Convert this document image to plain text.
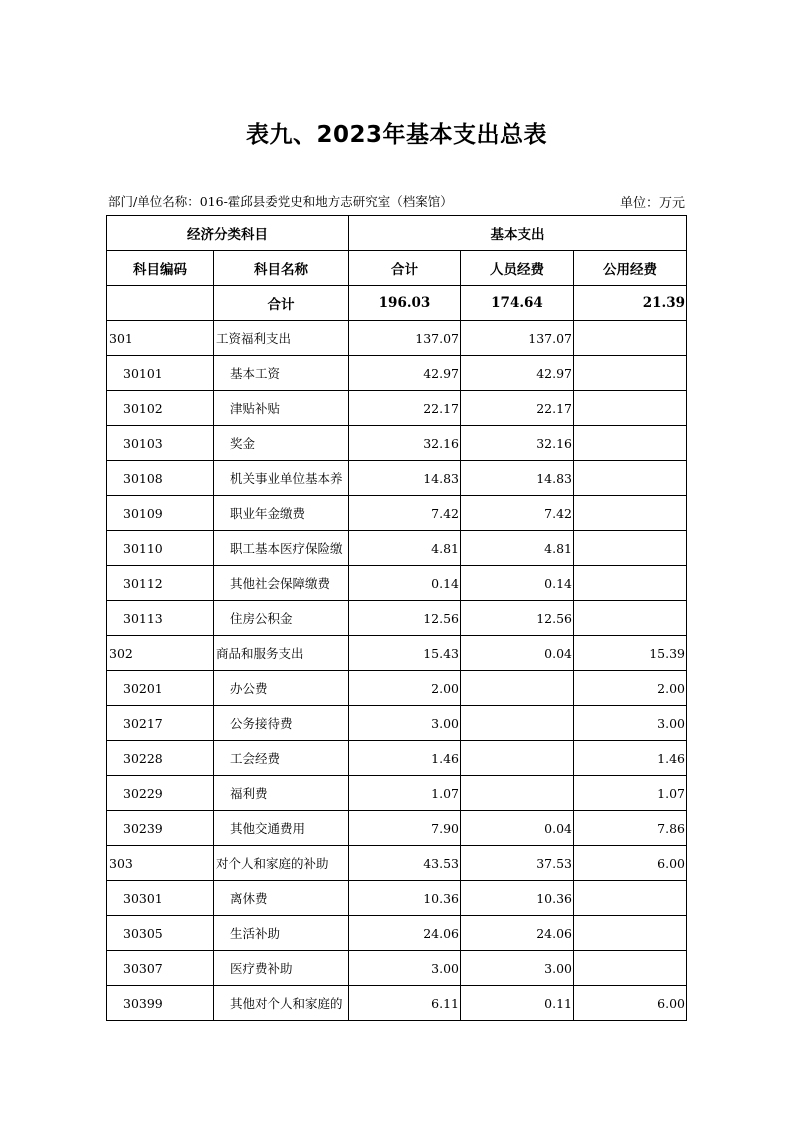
表九、2023年基本支出总表
部门/单位名称：016-霍邱县委党史和地方志研究室（档案馆）	单位：万元
经济分类科目		基本支出		
科目编码	科目名称	合计	人员经费	公用经费
	合计	196.03	174.64	21.39
301	工资福利支出	137.07	137.07	
30101	基本工资	42.97	42.97	
30102	津贴补贴	22.17	22.17	
30103	奖金	32.16	32.16	
30108	机关事业单位基本养	14.83	14.83	
30109	职业年金缴费	7.42	7.42	
30110	职工基本医疗保险缴	4.81	4.81	
30112	其他社会保障缴费	0.14	0.14	
30113	住房公积金	12.56	12.56	
302	商品和服务支出	15.43	0.04	15.39
30201	办公费	2.00		2.00
30217	公务接待费	3.00		3.00
30228	工会经费	1.46		1.46
30229	福利费	1.07		1.07
30239	其他交通费用	7.90	0.04	7.86
303	对个人和家庭的补助	43.53	37.53	6.00
30301	离休费	10.36	10.36	
30305	生活补助	24.06	24.06	
30307	医疗费补助	3.00	3.00	
30399	其他对个人和家庭的	6.11	0.11	6.00
